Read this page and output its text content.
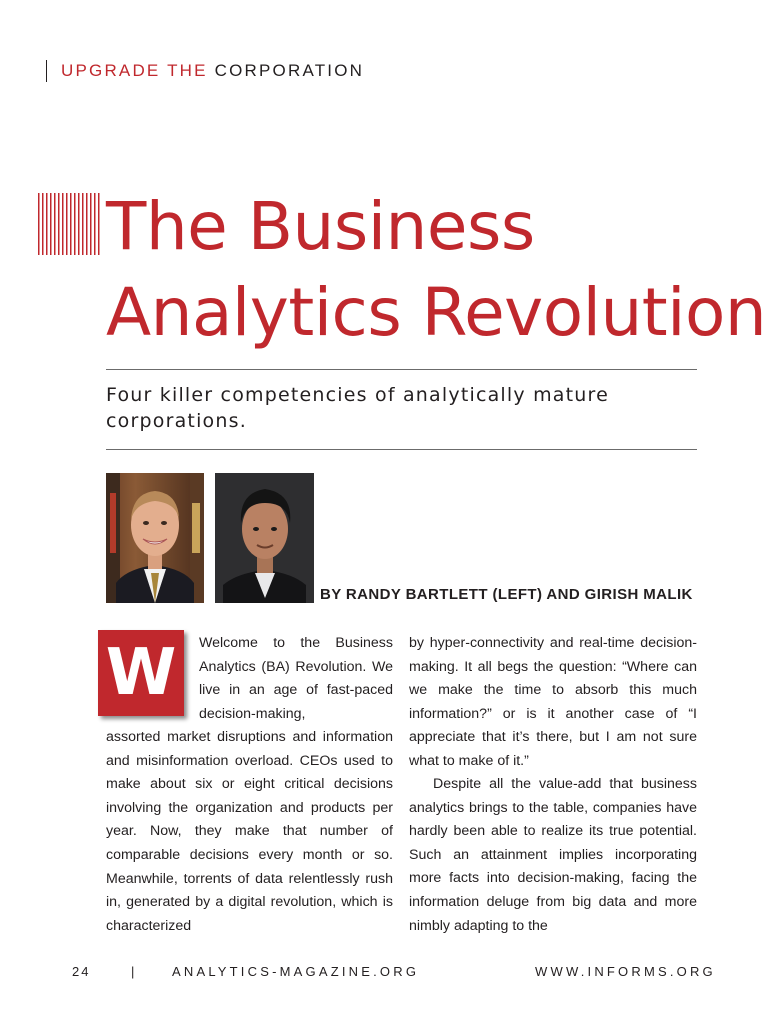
UPGRADE THE CORPORATION
The Business
Analytics Revolution
Four killer competencies of analytically mature corporations.

BY RANDY BARTLETT (LEFT) AND GIRISH MALIK

W	Welcome to the Business Analytics (BA) Revolution. We live in an age of fast-paced decision-making,

assorted market disruptions and information and misinformation overload. CEOs used to make about six or eight critical decisions involving the organization and products per year. Now, they make that number of comparable decisions every month or so. Meanwhile, torrents of data relentlessly rush in, generated by a digital revolution, which is characterized

by hyper-connectivity and real-time decision-making. It all begs the question: “Where can we make the time to absorb this much information?” or is it another case of “I appreciate that it’s there, but I am not sure what to make of it.”

Despite all the value-add that business analytics brings to the table, companies have hardly been able to realize its true potential. Such an attainment implies incorporating more facts into decision-making, facing the information deluge from big data and more nimbly adapting to the

24	|	ANALYTICS-MAGAZINE.ORG	WWW.INFORMS.ORG
